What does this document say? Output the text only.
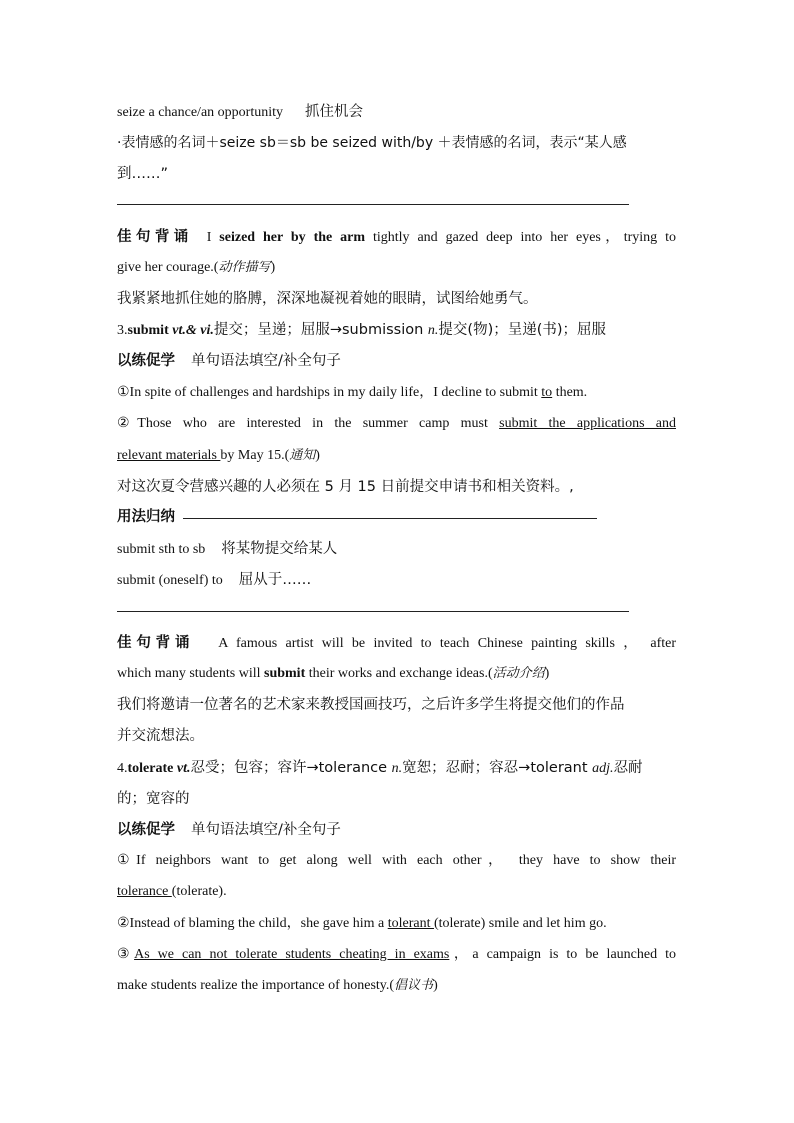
seize a chance/an opportunity 抓住机会
·表情感的名词＋seize sb＝sb be seized with/by ＋表情感的名词，表示“某人感
到……”
佳句背诵 I seized her by the arm tightly and gazed deep into her eyes，trying to
give her courage.(动作描写)
我紧紧地抓住她的胳膊，深深地凝视着她的眼睛，试图给她勇气。
3.submit vt.& vi.提交；呈递；屈服→submission n.提交(物)；呈递(书)；屈服
以练促学 单句语法填空/补全句子
①In spite of challenges and hardships in my daily life，I decline to submit to them.
②Those who are interested in the summer camp must submit the applications and
relevant materials by May 15.(通知)
对这次夏令营感兴趣的人必须在 5 月 15 日前提交申请书和相关资料。,
用法归纳
submit sth to sb 将某物提交给某人
submit (oneself) to 屈从于……
佳句背诵 A famous artist will be invited to teach Chinese painting skills ， after
which many students will submit their works and exchange ideas.(活动介绍)
我们将邀请一位著名的艺术家来教授国画技巧，之后许多学生将提交他们的作品
并交流想法。
4.tolerate vt.忍受；包容；容许→tolerance n.宽恕；忍耐；容忍→tolerant adj.忍耐
的；宽容的
以练促学 单句语法填空/补全句子
①If neighbors want to get along well with each other， they have to show their
tolerance (tolerate).
②Instead of blaming the child，she gave him a tolerant (tolerate) smile and let him go.
③As we can not tolerate students cheating in exams，a campaign is to be launched to
make students realize the importance of honesty.(倡议书)
